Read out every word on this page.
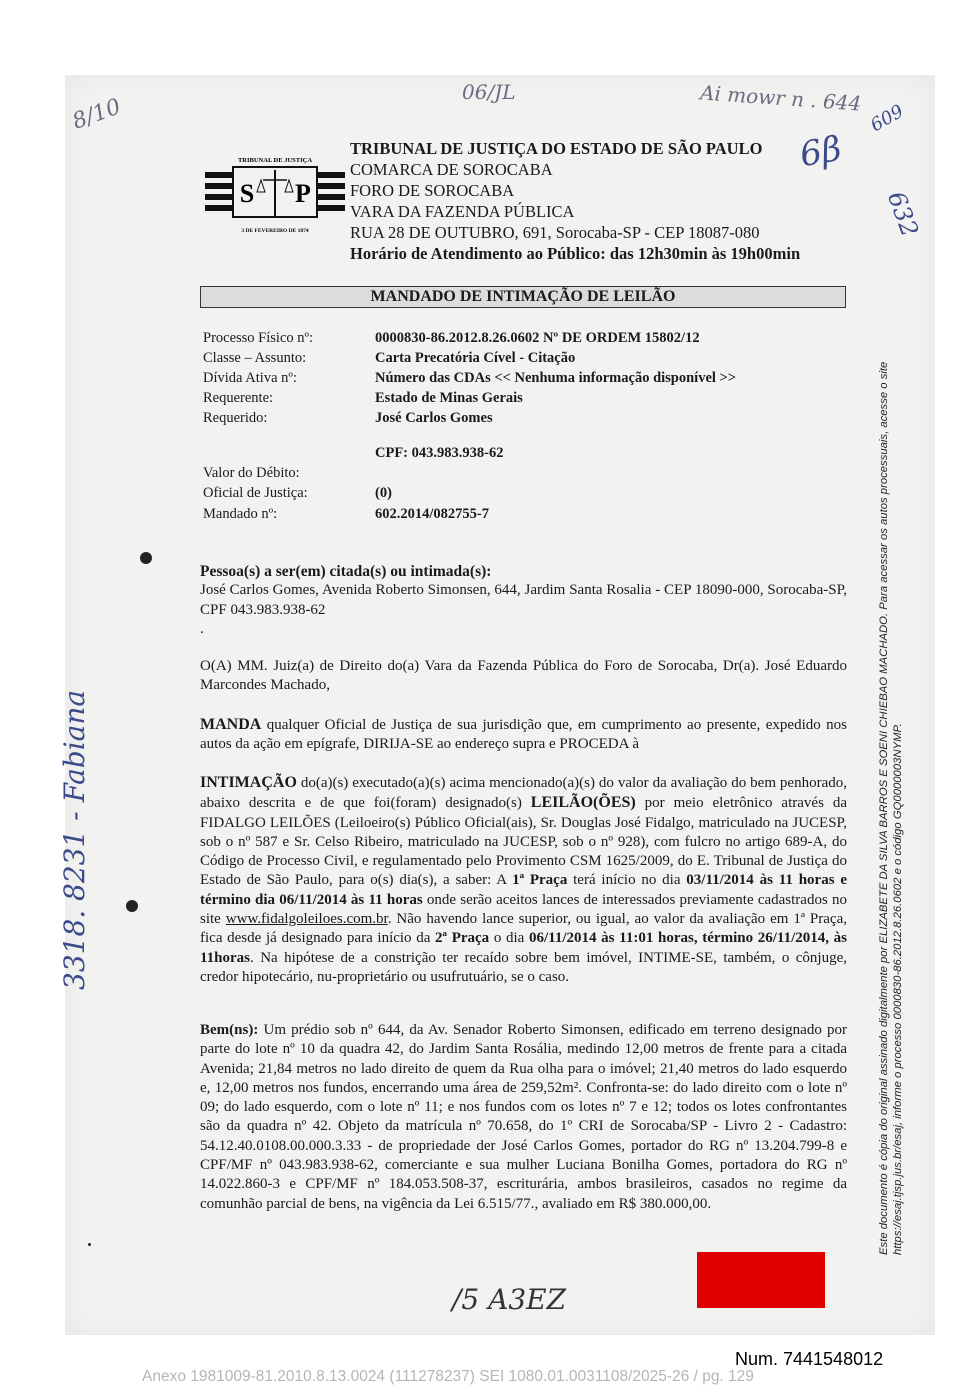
8/10
06/JL	Ai mowr n . 644
6β
609
632
3318. 8231 - Fabiana
TRIBUNAL DE JUSTIÇA
S P
3 DE FEVEREIRO DE 1874
TRIBUNAL DE JUSTIÇA DO ESTADO DE SÃO PAULO
COMARCA DE SOROCABA
FORO DE SOROCABA
VARA DA FAZENDA PÚBLICA
RUA 28 DE OUTUBRO, 691, Sorocaba-SP - CEP 18087-080
Horário de Atendimento ao Público: das 12h30min às 19h00min
MANDADO DE INTIMAÇÃO DE LEILÃO
Processo Físico nº:	0000830-86.2012.8.26.0602 Nº DE ORDEM 15802/12
Classe – Assunto:	Carta Precatória Cível - Citação
Dívida Ativa nº:	Número das CDAs << Nenhuma informação disponível >>
Requerente:	Estado de Minas Gerais
Requerido:	José Carlos Gomes
CPF: 043.983.938-62
Valor do Débito:
Oficial de Justiça:	(0)
Mandado nº:	602.2014/082755-7

Pessoa(s) a ser(em) citada(s) ou intimada(s):

José Carlos Gomes, Avenida Roberto Simonsen, 644, Jardim Santa Rosalia - CEP 18090-000, Sorocaba-SP, CPF 043.983.938-62

.

O(A) MM. Juiz(a) de Direito do(a) Vara da Fazenda Pública do Foro de Sorocaba, Dr(a). José Eduardo Marcondes Machado,
MANDA qualquer Oficial de Justiça de sua jurisdição que, em cumprimento ao presente, expedido nos autos da ação em epígrafe, DIRIJA-SE ao endereço supra e PROCEDA à
INTIMAÇÃO do(a)(s) executado(a)(s) acima mencionado(a)(s) do valor da avaliação do bem penhorado, abaixo descrita e de que foi(foram) designado(s) LEILÃO(ÕES) por meio eletrônico através da FIDALGO LEILÕES (Leiloeiro(s) Público Oficial(ais), Sr. Douglas José Fidalgo, matriculado na JUCESP, sob o nº 587 e Sr. Celso Ribeiro, matriculado na JUCESP, sob o nº 928), com fulcro no artigo 689-A, do Código de Processo Civil, e regulamentado pelo Provimento CSM 1625/2009, do E. Tribunal de Justiça do Estado de São Paulo, para o(s) dia(s), a saber: A 1ª Praça terá início no dia 03/11/2014 às 11 horas e término dia 06/11/2014 às 11 horas onde serão aceitos lances de interessados previamente cadastrados no site www.fidalgoleiloes.com.br. Não havendo lance superior, ou igual, ao valor da avaliação em 1ª Praça, fica desde já designado para início da 2ª Praça o dia 06/11/2014 às 11:01 horas, término 26/11/2014, às 11horas. Na hipótese de a constrição ter recaído sobre bem imóvel, INTIME-SE, também, o cônjuge, credor hipotecário, nu-proprietário ou usufrutuário, se o caso.
Bem(ns): Um prédio sob nº 644, da Av. Senador Roberto Simonsen, edificado em terreno designado por parte do lote nº 10 da quadra 42, do Jardim Santa Rosália, medindo 12,00 metros de frente para a citada Avenida; 21,84 metros no lado direito de quem da Rua olha para o imóvel; 21,40 metros do lado esquerdo e, 12,00 metros nos fundos, encerrando uma área de 259,52m². Confronta-se: do lado direito com o lote nº 09; do lado esquerdo, com o lote nº 11; e nos fundos com os lotes nº 7 e 12; todos os lotes confrontantes são da quadra nº 42. Objeto da matrícula nº 70.658, do 1º CRI de Sorocaba/SP - Livro 2 - Cadastro: 54.12.40.0108.00.000.3.33 - de propriedade der José Carlos Gomes, portador do RG nº 13.204.799-8 e CPF/MF nº 043.983.938-62, comerciante e sua mulher Luciana Bonilha Gomes, portadora do RG nº 14.022.860-3 e CPF/MF nº 184.053.508-37, escriturária, ambos brasileiros, casados no regime da comunhão parcial de bens, na vigência da Lei 6.515/77., avaliado em R$ 380.000,00.	Este documento é cópia do original assinado digitalmente por ELIZABETE DA SILVA BARROS E SOENI CHIEBAO MACHADO. Para acessar os autos processuais, acesse o site https://esaj.tjsp.jus.br/esaj, informe o processo 0000830-86.2012.8.26.0602 e o código GQ0000003NYMP.
/5 A3EZ
Num. 7441548012
Anexo 1981009-81.2010.8.13.0024 (111278237) SEI 1080.01.0031108/2025-26 / pg. 129
